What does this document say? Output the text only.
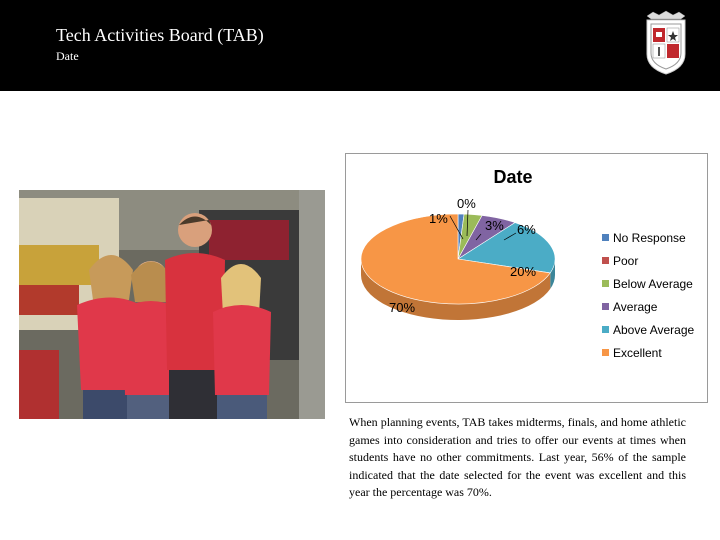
Tech Activities Board (TAB)
Date
Date
1%
0%
3% 6%
20%
70%
No Response
Poor
Below Average
Average
Above Average
Excellent
When planning events, TAB takes midterms, finals, and home athletic games into consideration and tries to offer our events at times when students have no other commitments. Last year, 56% of the sample indicated that the date selected for the event was excellent and this year the percentage was 70%.
